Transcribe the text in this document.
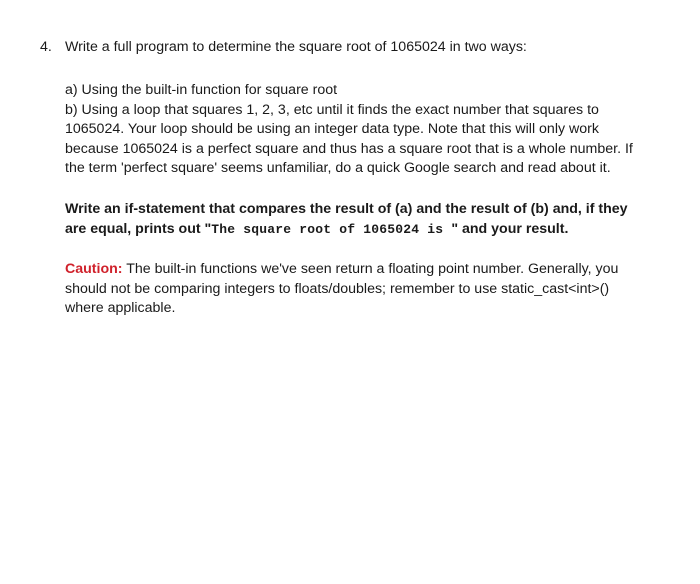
4. Write a full program to determine the square root of 1065024 in two ways:
a) Using the built-in function for square root
b) Using a loop that squares 1, 2, 3, etc until it finds the exact number that squares to
1065024. Your loop should be using an integer data type. Note that this will only work
because 1065024 is a perfect square and thus has a square root that is a whole number. If
the term 'perfect square' seems unfamiliar, do a quick Google search and read about it.
Write an if-statement that compares the result of (a) and the result of (b) and, if they
are equal, prints out "The square root of 1065024 is " and your result.
Caution: The built-in functions we've seen return a floating point number. Generally, you
should not be comparing integers to floats/doubles; remember to use static_cast<int>()
where applicable.
